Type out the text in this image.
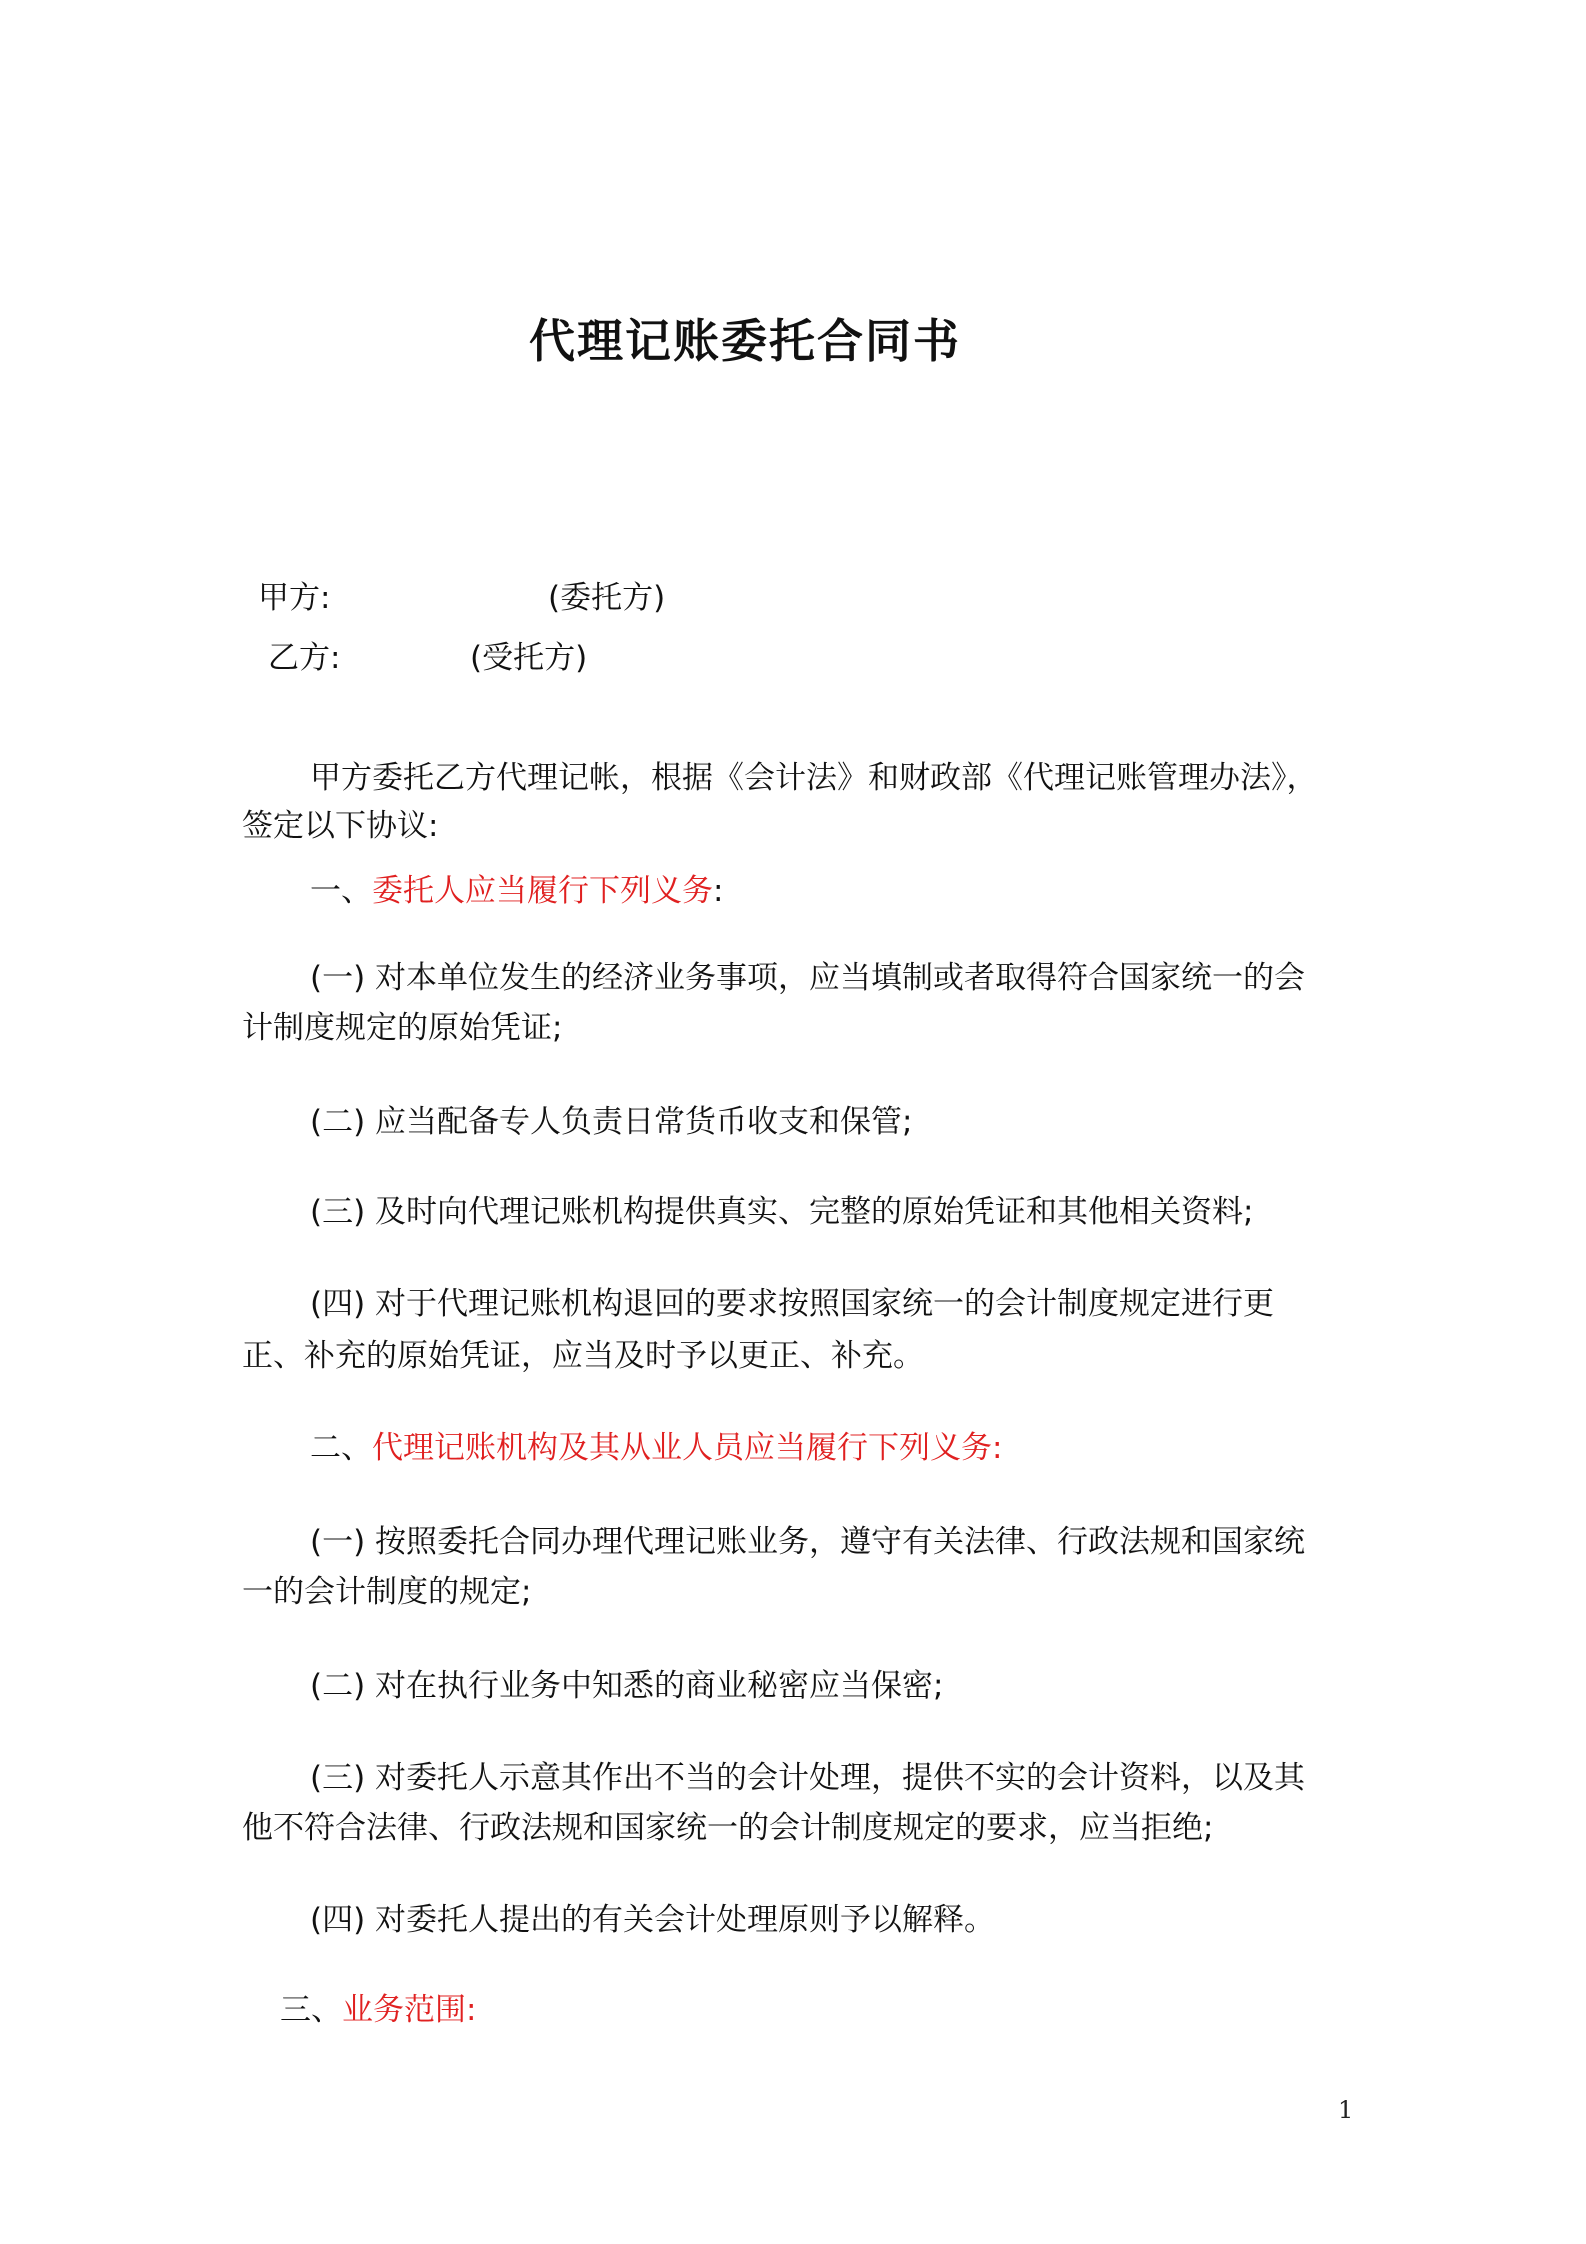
代理记账委托合同书
甲方:	(委托方)
乙方:	(受托方)
甲方委托乙方代理记帐，根据《会计法》和财政部《代理记账管理办法》，
签定以下协议:
一、委托人应当履行下列义务:
(一) 对本单位发生的经济业务事项，应当填制或者取得符合国家统一的会
计制度规定的原始凭证;
(二) 应当配备专人负责日常货币收支和保管;
(三) 及时向代理记账机构提供真实、完整的原始凭证和其他相关资料;
(四) 对于代理记账机构退回的要求按照国家统一的会计制度规定进行更
正、补充的原始凭证，应当及时予以更正、补充。
二、代理记账机构及其从业人员应当履行下列义务:
(一) 按照委托合同办理代理记账业务，遵守有关法律、行政法规和国家统
一的会计制度的规定;
(二) 对在执行业务中知悉的商业秘密应当保密;
(三) 对委托人示意其作出不当的会计处理，提供不实的会计资料，以及其
他不符合法律、行政法规和国家统一的会计制度规定的要求，应当拒绝;
(四) 对委托人提出的有关会计处理原则予以解释。
三、业务范围:
1
